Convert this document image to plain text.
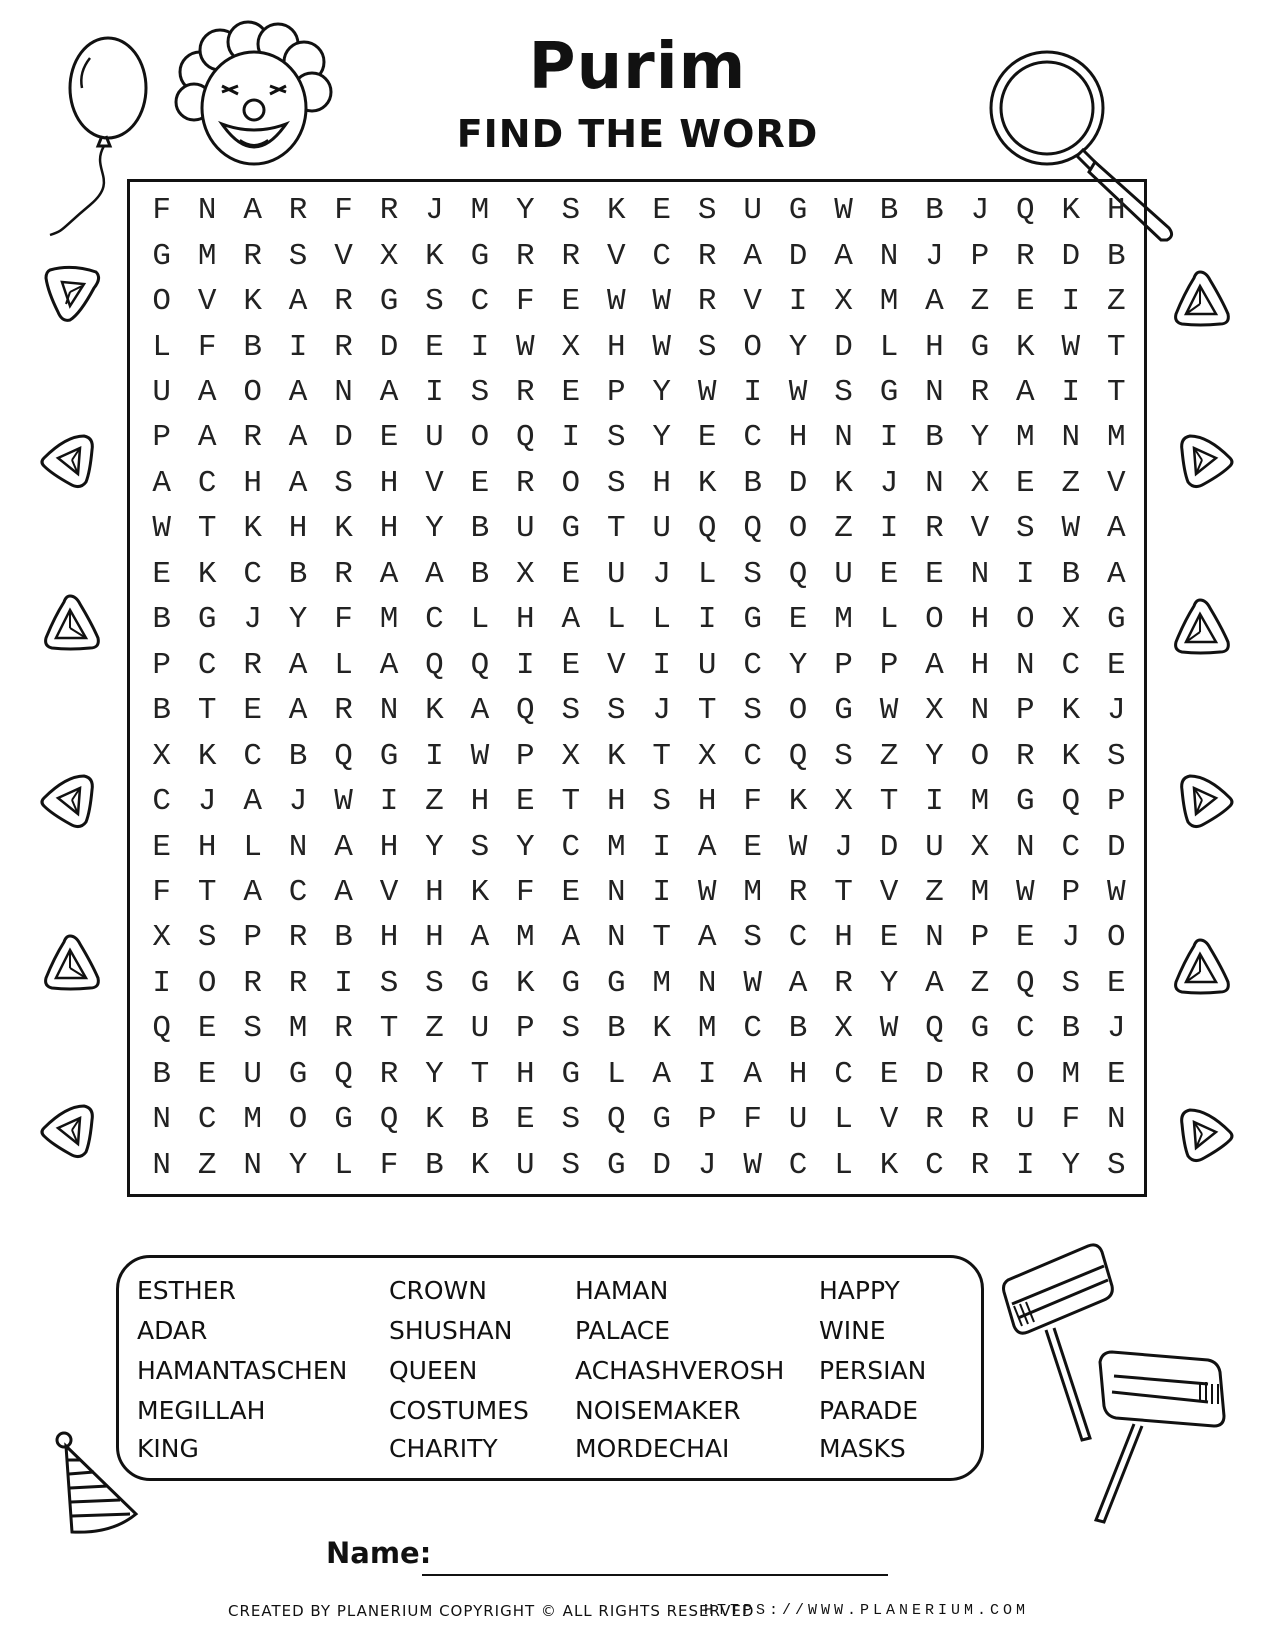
Purim
FIND THE WORD
F N A R F R J M Y S K E S U G W B B J Q K H
G M R S V X K G R R V C R A D A N J P R D B
O V K A R G S C F E W W R V I X M A Z E I Z
L F B I R D E I W X H W S O Y D L H G K W T
U A O A N A I S R E P Y W I W S G N R A I T
P A R A D E U O Q I S Y E C H N I B Y M N M
A C H A S H V E R O S H K B D K J N X E Z V
W T K H K H Y B U G T U Q Q O Z I R V S W A
E K C B R A A B X E U J L S Q U E E N I B A
B G J Y F M C L H A L L I G E M L O H O X G
P C R A L A Q Q I E V I U C Y P P A H N C E
B T E A R N K A Q S S J T S O G W X N P K J
X K C B Q G I W P X K T X C Q S Z Y O R K S
C J A J W I Z H E T H S H F K X T I M G Q P
E H L N A H Y S Y C M I A E W J D U X N C D
F T A C A V H K F E N I W M R T V Z M W P W
X S P R B H H A M A N T A S C H E N P E J O
I O R R I S S G K G G M N W A R Y A Z Q S E
Q E S M R T Z U P S B K M C B X W Q G C B J
B E U G Q R Y T H G L A I A H C E D R O M E
N C M O G Q K B E S Q G P F U L V R R U F N
N Z N Y L F B K U S G D J W C L K C R I Y S
ESTHER
ADAR
HAMANTASCHEN
MEGILLAH
KING
CROWN
SHUSHAN
QUEEN
COSTUMES
CHARITY
HAMAN
PALACE
ACHASHVEROSH
NOISEMAKER
MORDECHAI
HAPPY
WINE
PERSIAN
PARADE
MASKS
Name:
CREATED BY PLANERIUM COPYRIGHT © ALL RIGHTS RESERVED
HTTPS://WWW.PLANERIUM.COM
